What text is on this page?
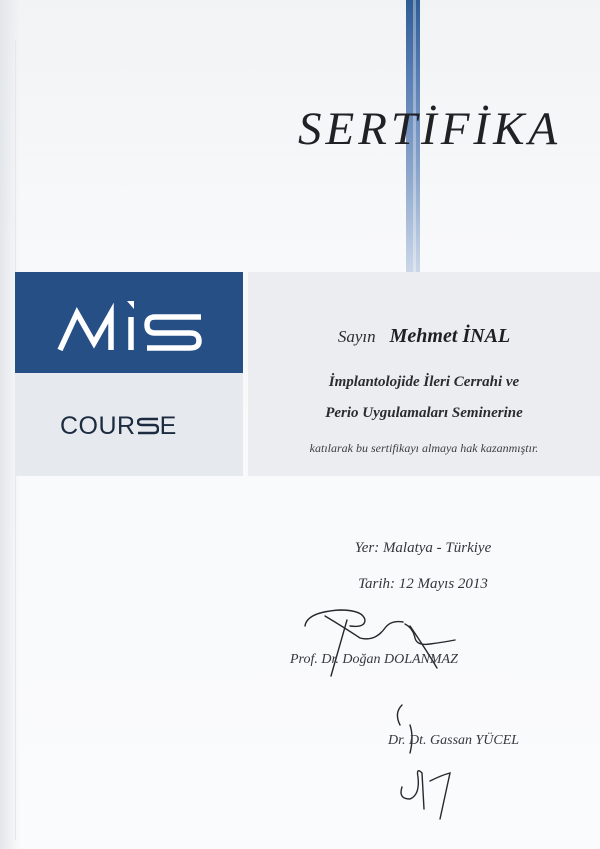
SERTİFİKA

COUR E

Sayın Mehmet İNAL
İmplantolojide İleri Cerrahi ve
Perio Uygulamaları Seminerine
katılarak bu sertifikayı almaya hak kazanmıştır.
Yer: Malatya - Türkiye
Tarih: 12 Mayıs 2013
Prof. Dr. Doğan DOLANMAZ
Dr. Dt. Gassan YÜCEL
